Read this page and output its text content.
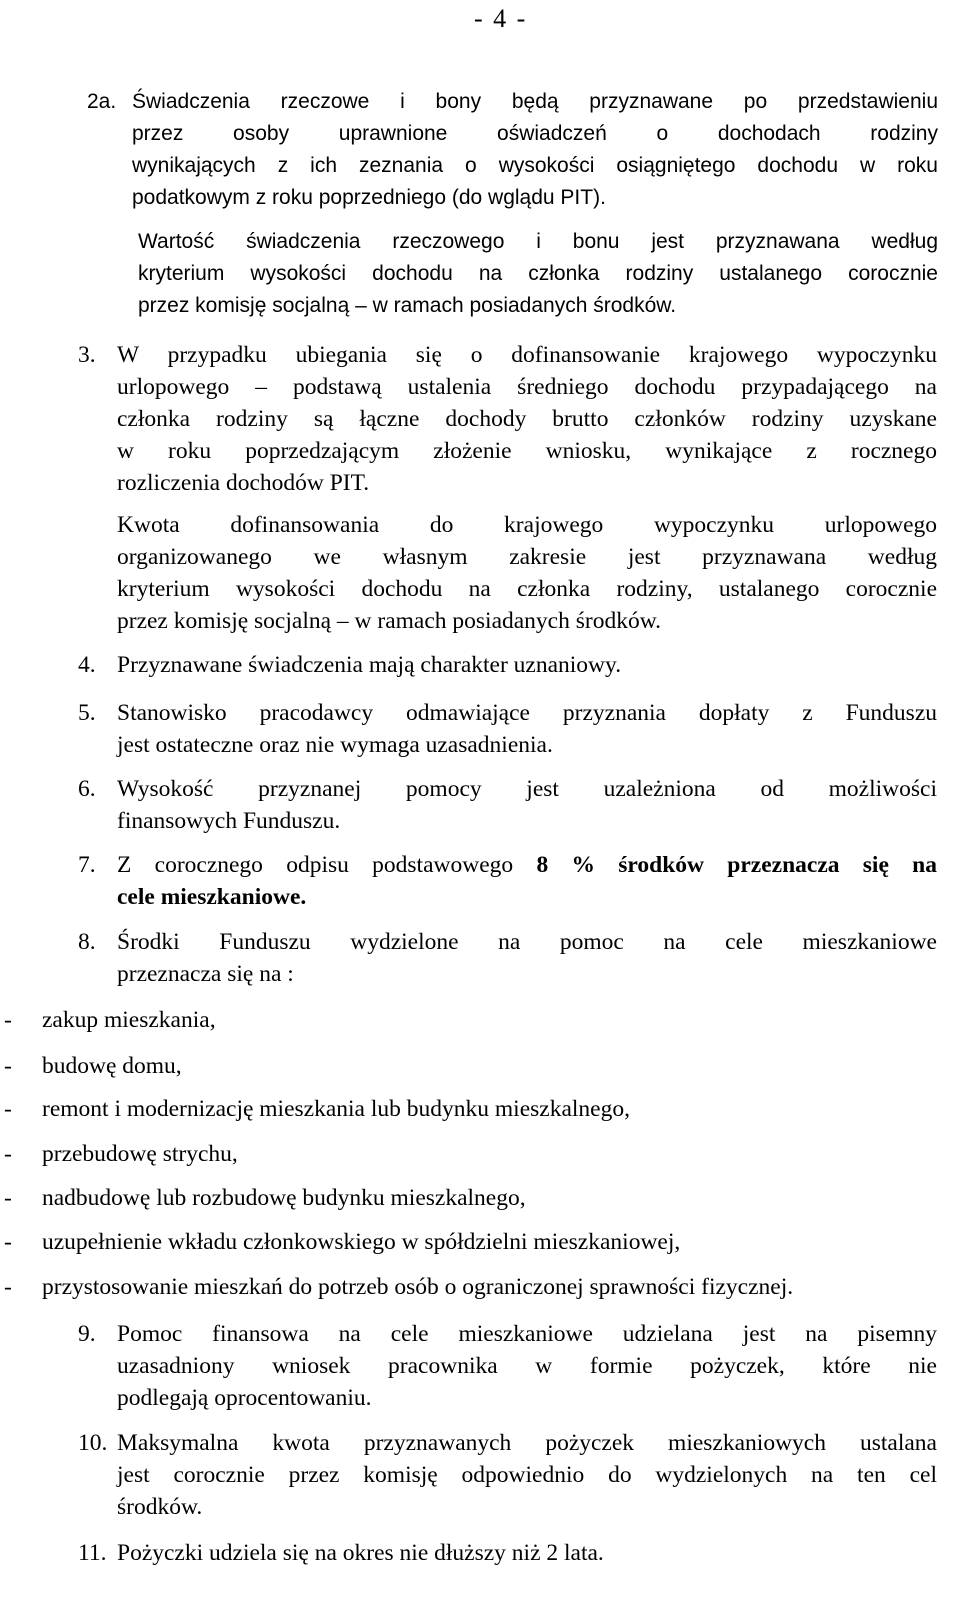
- 4 -
2a. Świadczenia rzeczowe i bony będą przyznawane po przedstawieniu
przez osoby uprawnione oświadczeń o dochodach rodziny
wynikających z ich zeznania o wysokości osiągniętego dochodu w roku
podatkowym z roku poprzedniego (do wglądu PIT).
Wartość świadczenia rzeczowego i bonu jest przyznawana według
kryterium wysokości dochodu na członka rodziny ustalanego corocznie
przez komisję socjalną – w ramach posiadanych środków.
3. W przypadku ubiegania się o dofinansowanie krajowego wypoczynku
urlopowego – podstawą ustalenia średniego dochodu przypadającego na
członka rodziny są łączne dochody brutto członków rodziny uzyskane
w roku poprzedzającym złożenie wniosku, wynikające z rocznego
rozliczenia dochodów PIT.
Kwota dofinansowania do krajowego wypoczynku urlopowego
organizowanego we własnym zakresie jest przyznawana według
kryterium wysokości dochodu na członka rodziny, ustalanego corocznie
przez komisję socjalną – w ramach posiadanych środków.
4. Przyznawane świadczenia mają charakter uznaniowy.
5. Stanowisko pracodawcy odmawiające przyznania dopłaty z Funduszu
jest ostateczne oraz nie wymaga uzasadnienia.
6. Wysokość przyznanej pomocy jest uzależniona od możliwości
finansowych Funduszu.
7. Z corocznego odpisu podstawowego 8 % środków przeznacza się na
cele mieszkaniowe.
8. Środki Funduszu wydzielone na pomoc na cele mieszkaniowe
przeznacza się na :
- zakup mieszkania,
- budowę domu,
- remont i modernizację mieszkania lub budynku mieszkalnego,
- przebudowę strychu,
- nadbudowę lub rozbudowę budynku mieszkalnego,
- uzupełnienie wkładu członkowskiego w spółdzielni mieszkaniowej,
- przystosowanie mieszkań do potrzeb osób o ograniczonej sprawności fizycznej.
9. Pomoc finansowa na cele mieszkaniowe udzielana jest na pisemny
uzasadniony wniosek pracownika w formie pożyczek, które nie
podlegają oprocentowaniu.
10. Maksymalna kwota przyznawanych pożyczek mieszkaniowych ustalana
jest corocznie przez komisję odpowiednio do wydzielonych na ten cel
środków.
11. Pożyczki udziela się na okres nie dłuższy niż 2 lata.
